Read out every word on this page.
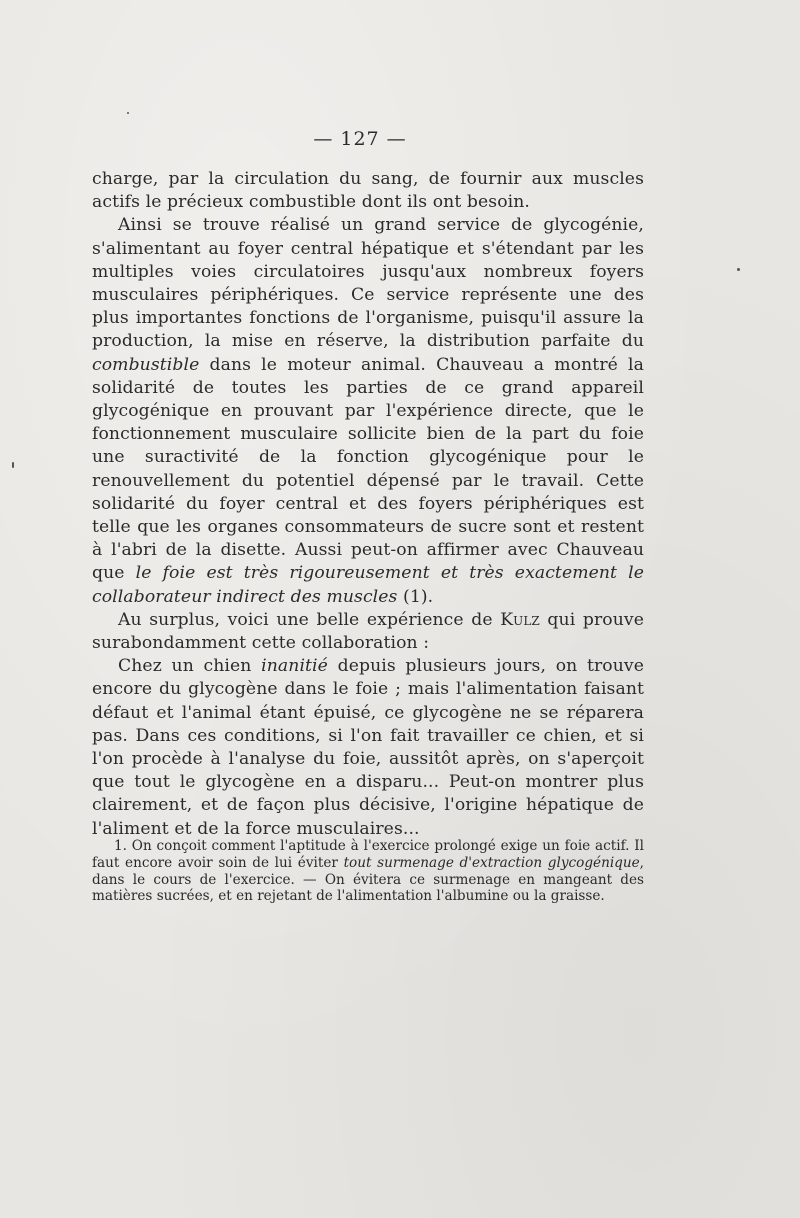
— 127 —

charge, par la circulation du sang, de fournir aux muscles actifs le précieux combustible dont ils ont besoin.

Ainsi se trouve réalisé un grand service de glycogénie, s'alimentant au foyer central hépatique et s'étendant par les multiples voies circulatoires jusqu'aux nombreux foyers musculaires périphériques. Ce service représente une des plus importantes fonctions de l'organisme, puisqu'il assure la production, la mise en réserve, la distribution parfaite du combustible dans le moteur animal. Chauveau a montré la solidarité de toutes les parties de ce grand appareil glycogénique en prouvant par l'expérience directe, que le fonctionnement musculaire sollicite bien de la part du foie une suractivité de la fonction glycogénique pour le renouvellement du potentiel dépensé par le travail. Cette solidarité du foyer central et des foyers périphériques est telle que les organes consommateurs de sucre sont et restent à l'abri de la disette. Aussi peut-on affirmer avec Chauveau que le foie est très rigoureusement et très exactement le collaborateur indirect des muscles (1).

Au surplus, voici une belle expérience de Kulz qui prouve surabondamment cette collaboration :

Chez un chien inanitié depuis plusieurs jours, on trouve encore du glycogène dans le foie ; mais l'alimentation faisant défaut et l'animal étant épuisé, ce glycogène ne se réparera pas. Dans ces conditions, si l'on fait travailler ce chien, et si l'on procède à l'analyse du foie, aussitôt après, on s'aperçoit que tout le glycogène en a disparu... Peut-on montrer plus clairement, et de façon plus décisive, l'origine hépatique de l'aliment et de la force musculaires...

1. On conçoit comment l'aptitude à l'exercice prolongé exige un foie actif. Il faut encore avoir soin de lui éviter tout surmenage d'extraction glycogénique, dans le cours de l'exercice. — On évitera ce surmenage en mangeant des matières sucrées, et en rejetant de l'alimentation l'albumine ou la graisse.
